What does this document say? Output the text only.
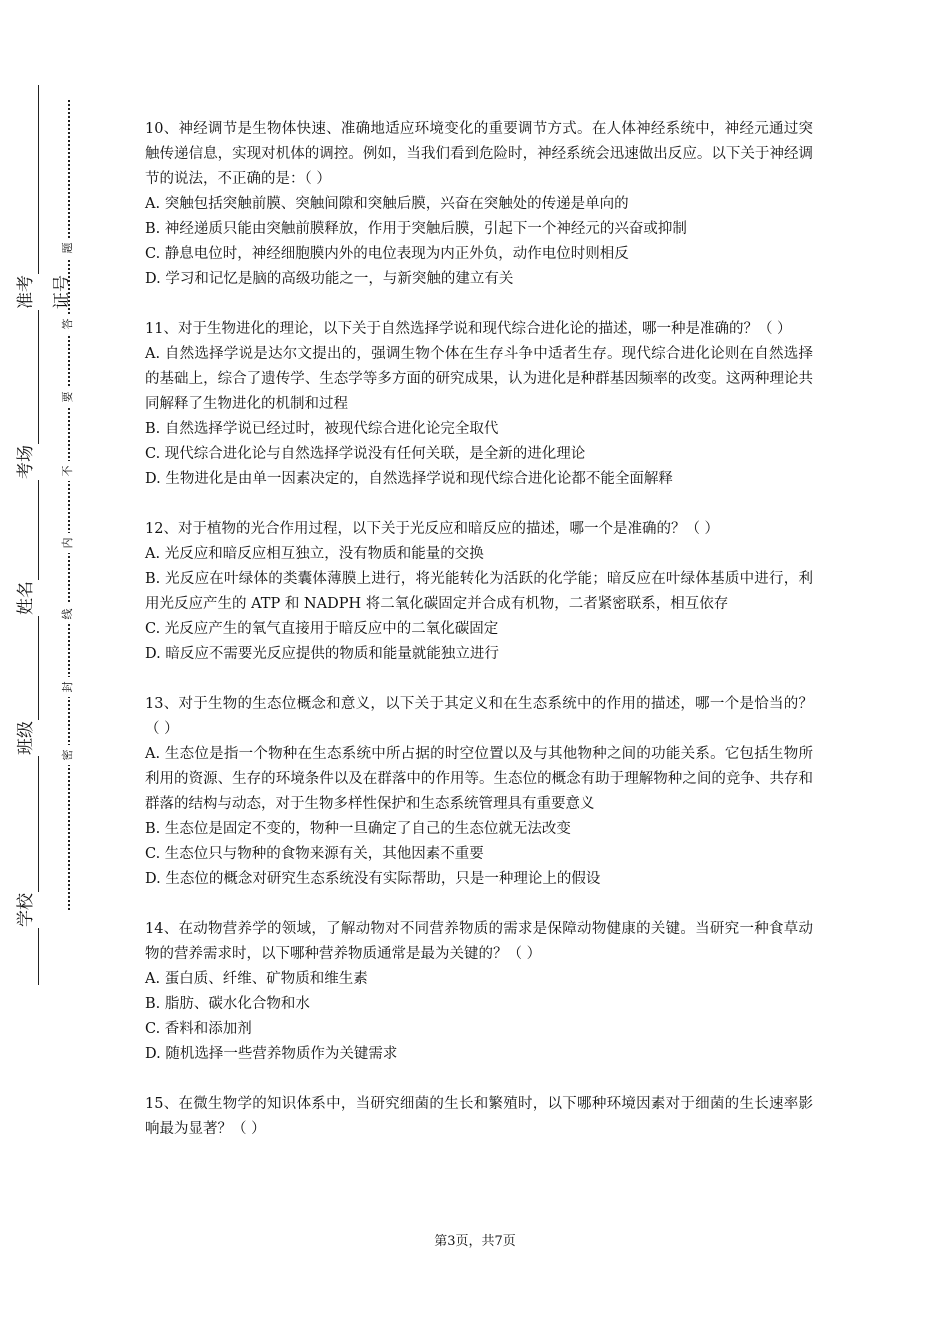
准考证号
考场
姓名
班级
学校
题
答
要
不
内
线
封
密

10、神经调节是生物体快速、准确地适应环境变化的重要调节方式。在人体神经系统中，神经元通过突触传递信息，实现对机体的调控。例如，当我们看到危险时，神经系统会迅速做出反应。以下关于神经调节的说法，不正确的是：（ ）

A. 突触包括突触前膜、突触间隙和突触后膜，兴奋在突触处的传递是单向的

B. 神经递质只能由突触前膜释放，作用于突触后膜，引起下一个神经元的兴奋或抑制

C. 静息电位时，神经细胞膜内外的电位表现为内正外负，动作电位时则相反

D. 学习和记忆是脑的高级功能之一，与新突触的建立有关

11、对于生物进化的理论，以下关于自然选择学说和现代综合进化论的描述，哪一种是准确的？（ ）

A. 自然选择学说是达尔文提出的，强调生物个体在生存斗争中适者生存。现代综合进化论则在自然选择的基础上，综合了遗传学、生态学等多方面的研究成果，认为进化是种群基因频率的改变。这两种理论共同解释了生物进化的机制和过程

B. 自然选择学说已经过时，被现代综合进化论完全取代

C. 现代综合进化论与自然选择学说没有任何关联，是全新的进化理论

D. 生物进化是由单一因素决定的，自然选择学说和现代综合进化论都不能全面解释

12、对于植物的光合作用过程，以下关于光反应和暗反应的描述，哪一个是准确的？（ ）

A. 光反应和暗反应相互独立，没有物质和能量的交换

B. 光反应在叶绿体的类囊体薄膜上进行，将光能转化为活跃的化学能；暗反应在叶绿体基质中进行，利用光反应产生的 ATP 和 NADPH 将二氧化碳固定并合成有机物，二者紧密联系，相互依存

C. 光反应产生的氧气直接用于暗反应中的二氧化碳固定

D. 暗反应不需要光反应提供的物质和能量就能独立进行

13、对于生物的生态位概念和意义，以下关于其定义和在生态系统中的作用的描述，哪一个是恰当的？（ ）

A. 生态位是指一个物种在生态系统中所占据的时空位置以及与其他物种之间的功能关系。它包括生物所利用的资源、生存的环境条件以及在群落中的作用等。生态位的概念有助于理解物种之间的竞争、共存和群落的结构与动态，对于生物多样性保护和生态系统管理具有重要意义

B. 生态位是固定不变的，物种一旦确定了自己的生态位就无法改变

C. 生态位只与物种的食物来源有关，其他因素不重要

D. 生态位的概念对研究生态系统没有实际帮助，只是一种理论上的假设

14、在动物营养学的领域，了解动物对不同营养物质的需求是保障动物健康的关键。当研究一种食草动物的营养需求时，以下哪种营养物质通常是最为关键的？（ ）

A. 蛋白质、纤维、矿物质和维生素

B. 脂肪、碳水化合物和水

C. 香料和添加剂

D. 随机选择一些营养物质作为关键需求

15、在微生物学的知识体系中，当研究细菌的生长和繁殖时，以下哪种环境因素对于细菌的生长速率影响最为显著？（ ）

第3页，共7页
